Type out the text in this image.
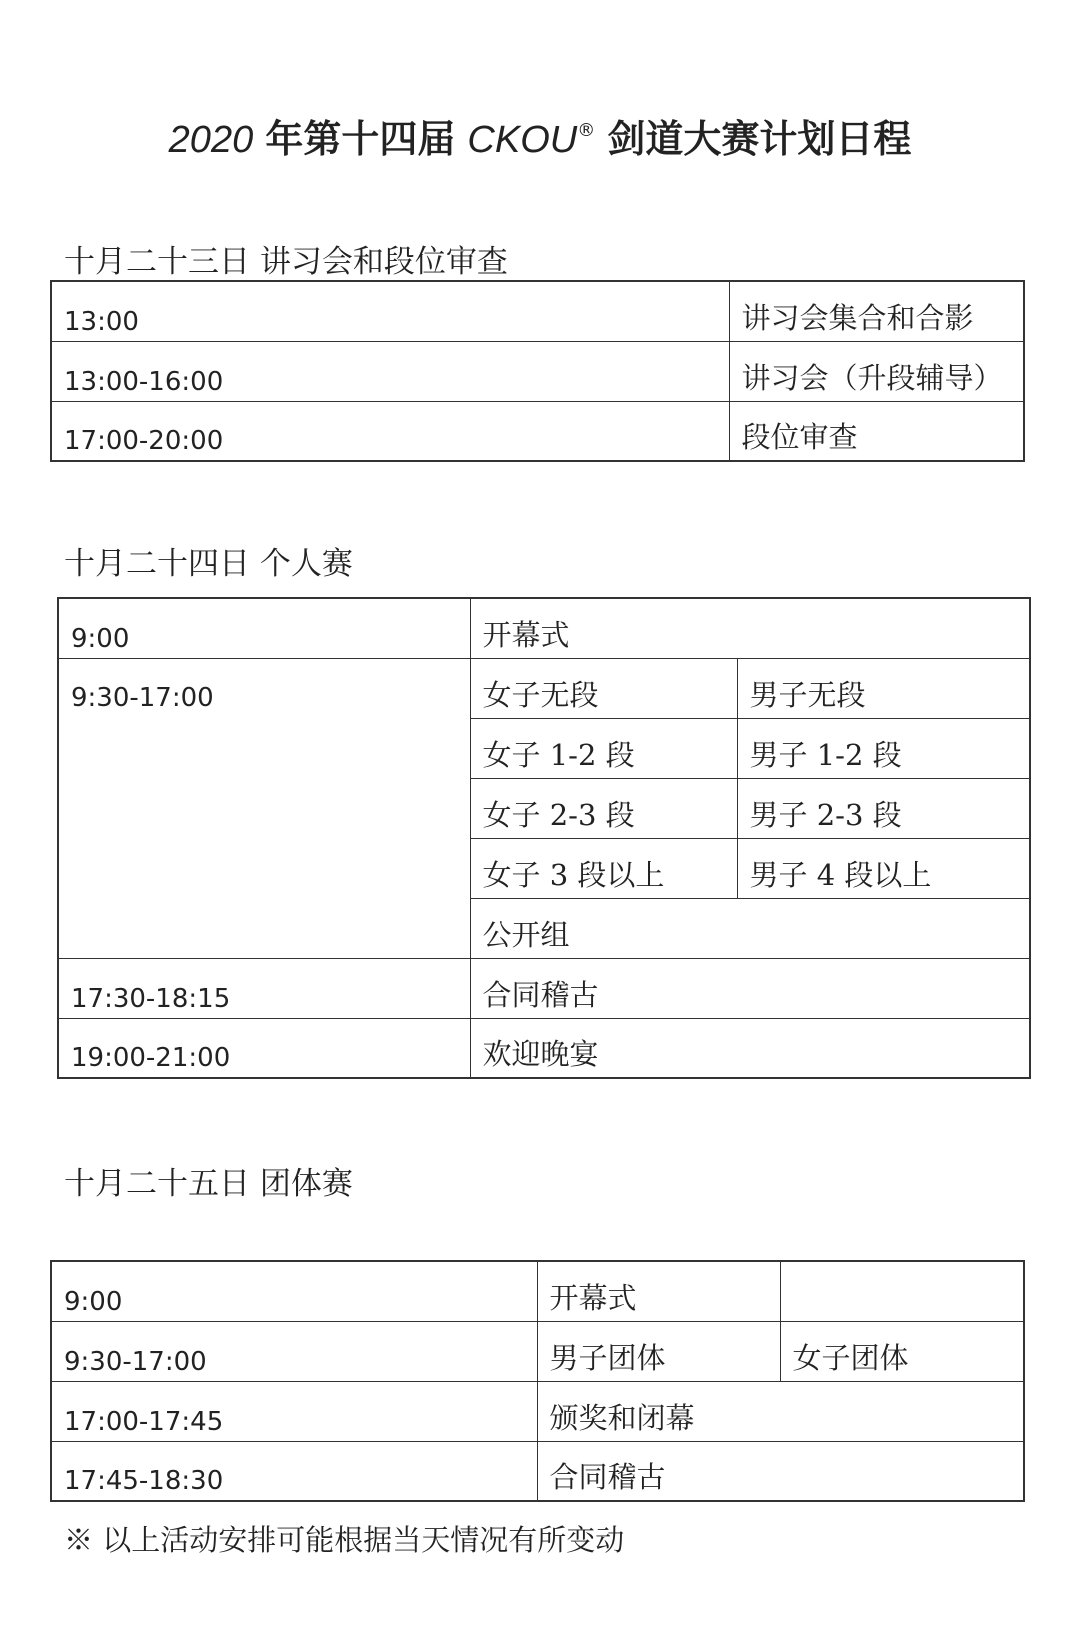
2020 年第十四届 CKOU® 剑道大赛计划日程
十月二十三日 讲习会和段位审查
13:00	讲习会集合和合影
13:00-16:00	讲习会（升段辅导）
17:00-20:00	段位审查
十月二十四日 个人赛
9:00	开幕式	
9:30-17:00	女子无段	男子无段
	女子 1-2 段	男子 1-2 段
	女子 2-3 段	男子 2-3 段
	女子 3 段以上	男子 4 段以上
	公开组	
17:30-18:15	合同稽古	
19:00-21:00	欢迎晚宴	
十月二十五日 团体赛
9:00	开幕式	
9:30-17:00	男子团体	女子团体
17:00-17:45	颁奖和闭幕	
17:45-18:30	合同稽古	
※ 以上活动安排可能根据当天情况有所变动
